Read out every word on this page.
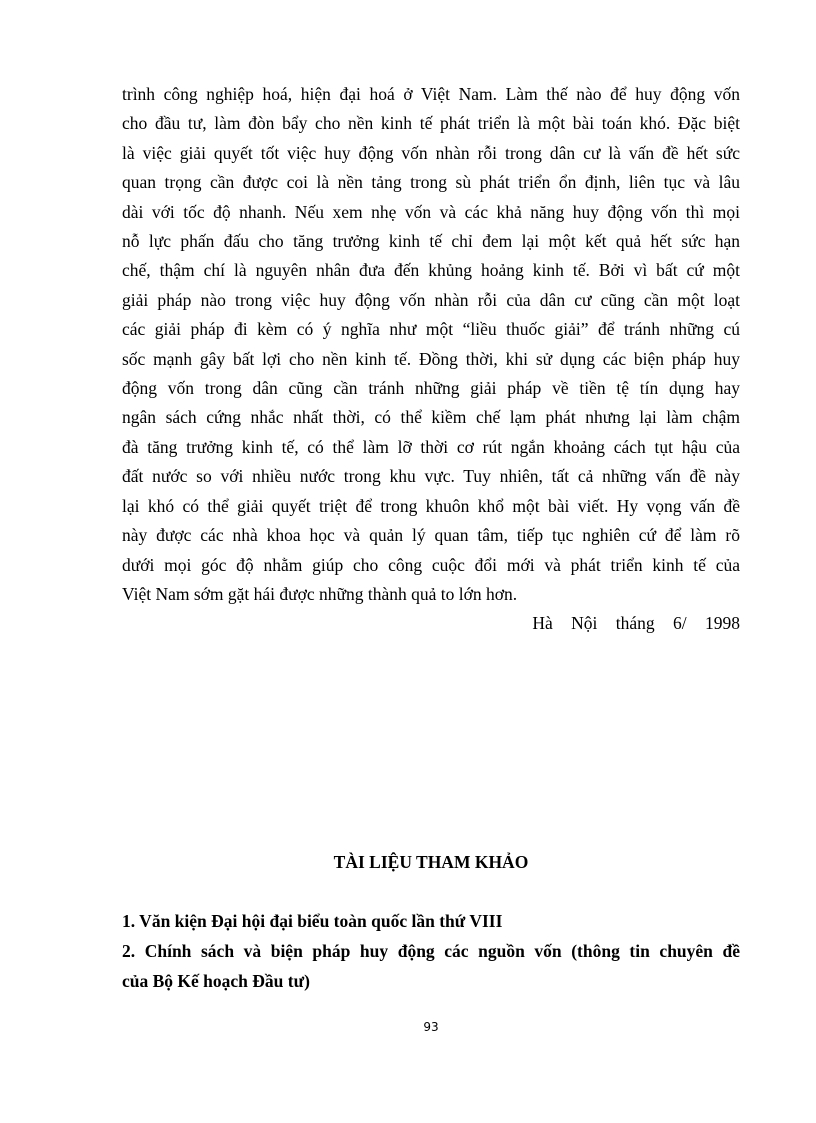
trình công nghiệp hoá, hiện đại hoá ở Việt Nam. Làm thế nào để huy động vốn
cho đầu tư, làm đòn bẩy cho nền kinh tế phát triển là một bài toán khó. Đặc biệt
là việc giải quyết tốt việc huy động vốn nhàn rỗi trong dân cư là vấn đề hết sức
quan trọng cần được coi là nền tảng trong sù phát triển ổn định, liên tục và lâu
dài với tốc độ nhanh. Nếu xem nhẹ vốn và các khả năng huy động vốn thì mọi
nỗ lực phấn đấu cho tăng trưởng kinh tế chỉ đem lại một kết quả hết sức hạn
chế, thậm chí là nguyên nhân đưa đến khủng hoảng kinh tế. Bởi vì bất cứ một
giải pháp nào trong việc huy động vốn nhàn rỗi của dân cư cũng cần một loạt
các giải pháp đi kèm có ý nghĩa như một “liều thuốc giải” để tránh những cú
sốc mạnh gây bất lợi cho nền kinh tế. Đồng thời, khi sử dụng các biện pháp huy
động vốn trong dân cũng cần tránh những giải pháp về tiền tệ tín dụng hay
ngân sách cứng nhắc nhất thời, có thể kiềm chế lạm phát nhưng lại làm chậm
đà tăng trưởng kinh tế, có thể làm lỡ thời cơ rút ngắn khoảng cách tụt hậu của
đất nước so với nhiều nước trong khu vực. Tuy nhiên, tất cả những vấn đề này
lại khó có thể giải quyết triệt để trong khuôn khổ một bài viết. Hy vọng vấn đề
này được các nhà khoa học và quản lý quan tâm, tiếp tục nghiên cứ để làm rõ
dưới mọi góc độ nhằm giúp cho công cuộc đổi mới và phát triển kinh tế của
Việt Nam sớm gặt hái được những thành quả to lớn hơn.

Hà Nội tháng 6/ 1998

TÀI LIỆU THAM KHẢO
1. Văn kiện Đại hội đại biểu toàn quốc lần thứ VIII
2. Chính sách và biện pháp huy động các nguồn vốn (thông tin chuyên đề
của Bộ Kế hoạch Đầu tư)
93
